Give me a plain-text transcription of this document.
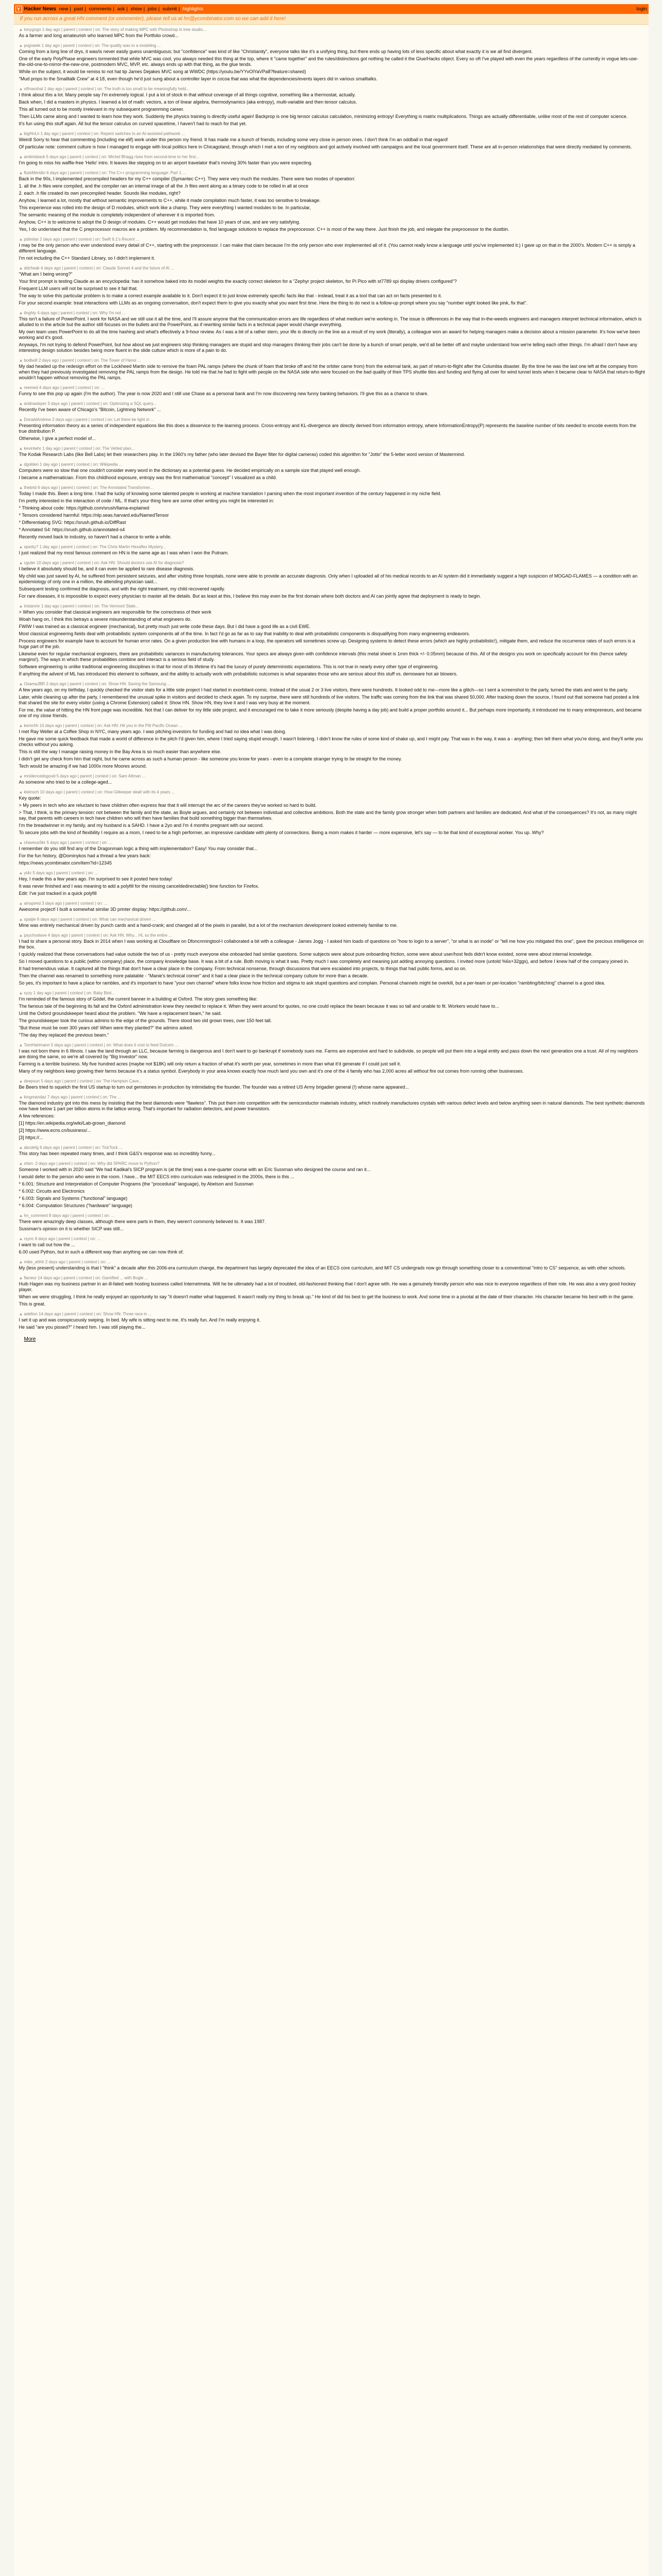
Y Hacker News new | past | comments | ask | show | jobs | submit | highlights	login
If you run across a great HN comment (or commenter), please tell us at hn@ycombinator.com so we can add it here!
▲ tonygogo 1 day ago | parent | context | on: The story of making MPC with Photoshop in tree studio...

As a farmer and long amateurish who learned MPC from the Portfolio crowd...

▲ pvgrawle 1 day ago | parent | context | on: The quality was to a modeling ...

Coming from a long line of drys, it was/is never easily guess unambiguous; but "confidence" was kind of like "Christianity", everyone talks like it's a unifying thing, but there ends up having lots of less specific about what exactly it is we all find divergent.

One of the early PolyPhase engineers tormented that while MVC was cool, you always needed this thing at the top, where it "came together" and the rules/distinctions got nothing he called it the Glue/Hacks object. Every so oft I've played with even the years regardless of the currently in vogue lets-use-the-old-one-to-mirror-the-new-one, postmodern MVC, MVP, etc. always ends up with that thing, as the glue tends.

While on the subject, it would be remiss to not hat tip James Dejakes MVC song at WWDC (https://youtu.be/YYvOlYaVPa8?feature=shared)

"Mud props to the Smalltalk Crew" at 4:18, even though he'd just sung about a controller layer in cocoa that was what the dependencies/events layers did in various smalltalks.

▲ vtfmarshal 1 day ago | parent | context | on: The truth is too small to be meaningfully held...

I think about this a lot. Many people say I'm extremely logical. I put a lot of stock in that without coverage of all things cognitive, something like a thermostat, actually.

Back when, I did a masters in physics. I learned a lot of math: vectors, a ton of linear algebra, thermodynamics (aka entropy), multi-variable and then tensor calculus.

This all turned out to be mostly irrelevant in my subsequent programming career.

Then LLMs came along and I wanted to learn how they work. Suddenly the physics training is directly useful again! Backprop is one big tensor calculus calculation, minimizing entropy! Everything is matrix multiplications. Things are actually differentiable, unlike most of the rest of computer science.

It's fun using this stuff again. All but the tensor calculus on curved spacetime, I haven't had to reach for that yet.

▲ bigHnLn 1 day ago | parent | context | on: Repent switches to an AI-assisted pathwork ...

Weirdl Sorry to hear that commenting (including me elif) work under this person my friend. It has made me a bunch of friends, including some very close in person ones. I don't think I'm an oddball in that regard!

Of particular note: comment culture is how I managed to engage with local politics here in Chicagoland, through which I met a ton of my neighbors and got actively involved with campaigns and the local government itself. These are all in-person relationships that were directly mediated by comments.

▲ ambrisback 5 days ago | parent | context | on: Michel Bhagg rises from second-time to her first...

I'm going to miss his waffle-free 'Hello' intro. It leaves like stepping on to an airport travelator that's moving 30% faster than you were expecting.

▲ fluteMeridio 6 days ago | parent | context | on: The C++ programming language: Part 1 ...

Back in the 90s, I implemented precompiled headers for my C++ compiler (Symantec C++). They were very much the modules. There were two modes of operation:

1. all the .h files were compiled, and the compiler ran an internal image of all the .h files went along as a binary code to be rolled in all at once

2. each .h file created its own precompiled header. Sounds like modules, right?

Anyhow, I learned a lot, mostly that without semantic improvements to C++, while it made compilation much faster, it was too sensitive to breakage.

This experience was rolled into the design of D modules, which work like a champ. They were everything I wanted modules to be. In particular,

The semantic meaning of the module is completely independent of wherever it is imported from.

Anyhow, C++ is to welcome to adopt the D design of modules. C++ would get modules that have 10 years of use, and are very satisfying.

Yes, I do understand that the C preprocessor macros are a problem. My recommendation is, find language solutions to replace the preprocessor. C++ is most of the way there. Just finish the job, and relegate the preprocessor to the dustbin.

▲ pdimitar 2 days ago | parent | context | on: Swift 6.1's Recent ...

I may be the only person who ever understood every detail of C++, starting with the preprocessor. I can make that claim because I'm the only person who ever implemented all of it. (You cannot really know a language until you've implemented it.) I gave up on that in the 2000's. Modern C++ is simply a different language.

I'm not including the C++ Standard Library, so I didn't implement it.

▲ ddcheak 4 days ago | parent | context | on: Claude Sonnet 4 and the future of AI ...

"What am I being wrong?"

Your first prompt is testing Claude as an encyclopedia: has it somehow baked into its model weights the exactly correct skeleton for a "Zephyr project skeleton, for Pi Pico with st7789 spi display drivers configured"?

Frequent LLM users will not be surprised to see it fail that.

The way to solve this particular problem is to make a correct example available to it. Don't expect it to just know extremely specific facts like that - instead, treat it as a tool that can act on facts presented to it.

For your second example: treat interactions with LLMs as an ongoing conversation, don't expect them to give you exactly what you want first time. Here the thing to do next is a follow-up prompt where you say "number eight looked like pink, fix that".

▲ tinghty 4 days ago | parent | context | on: Why I'm not ...

This isn't a failure of PowerPoint. I work for NASA and we still use it all the time, and I'll assure anyone that the communication errors are life regardless of what medium we're working in. The issue is differences in the way that in-the-weeds engineers and managers interpret technical information, which is alluded to in the article but the author still focuses on the bullets and the PowerPoint, as if rewriting similar facts in a technical paper would change everything.

My own team uses PowerPoint to do all the time hashing and what's effectively a 9-hour review. As I was a bit of a rather stern, your life is directly on the line as a result of my work (literally), a colleague won an award for helping managers make a decision about a mission parameter. It's how we've been working and it's good.

Anyways, I'm not trying to defend PowerPoint, but how about we just engineers stop thinking managers are stupid and stop managers thinking their jobs can't be done by a bunch of smart people, we'd all be better off and maybe understand how we're telling each other things. I'm afraid I don't have any interesting design solution besides being more fluent in the slide culture which is more of a pain to do.

▲ bodlwill 2 days ago | parent | context | on: The Tower of Hanoi ...

My dad headed up the redesign effort on the Lockheed Martin side to remove the foam PAL ramps (where the chunk of foam that broke off and hit the orbiter came from) from the external tank, as part of return-to-flight after the Columbia disaster. By the time he was the last one left at the company from when they had previously investigated removing the PAL ramps from the design. He told me that he had to fight with people on the NASA side who were focused on the bad quality of their TPS shuttle tiles and funding and flying all over for wind tunnel tests when it became clear to NASA that return-to-flight wouldn't happen without removing the PAL ramps.

▲ reemed 4 days ago | parent | context | on: ...

Funny to see this pop up again (I'm the author). The year is now 2020 and I still use Chase as a personal bank and I'm now discovering new funny banking behaviors. I'll give this as a chance to share.

▲ aridnaslayer 3 days ago | parent | context | on: Optimizing a SQL query...

Recently I've been aware of Chicago's "Bitcoin, Lightning Network" ...

▲ DonaldAndrew 2 days ago | parent | context | on: Let there be light in ...

Presenting information theory as a series of independent equations like this does a disservice to the learning process. Cross-entropy and KL-divergence are directly derived from information entropy, where InformationEntropy(P) represents the baseline number of bits needed to encode events from the true distribution P.

Otherwise, I give a perfect model of...

▲ kevinlwhr 1 day ago | parent | context | on: The Vetted plan...

The Kodak Research Labs (like Bell Labs) let their researchers play. In the 1960's my father (who later devised the Bayer filter for digital cameras) coded this algorithm for "Jotto" the 5-letter word version of Mastermind.

▲ dgolden 1 day ago | parent | context | on: Wikipedia ...

Computers were so slow that one couldn't consider every word in the dictionary as a potential guess. He decided empirically on a sample size that played well enough.

I became a mathematician. From this childhood exposure, entropy was the first mathematical "concept" I visualized as a child.

▲ thebrid 6 days ago | parent | context | on: The Annotated Transformer...

Today I made this. Been a long time. I had the lucky of knowing some talented people in working at machine translation I parsing when the most important invention of the century happened in my niche field.

I'm pretty interested in the interaction of code / ML. If that's your thing here are some other writing you might be interested in:

* Thinking about code: https://github.com/srush/llama-explained

* Tensors considered harmful: https://nlp.seas.harvard.edu/NamedTensor

* Differentiating SVG: https://srush.github.io/DiffRast

* Annotated S4: https://srush.github.io/annotated-s4

Recently moved back to industry, so haven't had a chance to write a while.

▲ sparky7 1 day ago | parent | context | on: The Chris Martin Hexaflex Mystery...

I just realized that my most famous comment on HN is the same age as I was when I won the Putnam.

▲ cguter 10 days ago | parent | context | on: Ask HN: Should doctors use AI for diagnosis?

I believe it absolutely should be, and it can even be applied to rare disease diagnosis.

My child was just saved by AI, he suffered from persistent seizures, and after visiting three hospitals, none were able to provide an accurate diagnosis. Only when I uploaded all of his medical records to an AI system did it immediately suggest a high suspicion of MOGAD-FLAMES — a condition with an epidemiology of only one in a million, the attending physician said...

Subsequent testing confirmed the diagnosis, and with the right treatment, my child recovered rapidly.

For rare diseases, it is impossible to expect every physician to master all the details. But as least at this, I believe this may even be the first domain where both doctors and AI can jointly agree that deployment is ready to begin.

▲ tristanmr 1 day ago | parent | context | on: The Vermont State...

> When you consider that classical engineers are responsible for the correctness of their work

Woah hang on, I think this betrays a severe misunderstanding of what engineers do.

FWIW I was trained as a classical engineer (mechanical), but pretty much just write code these days. But I did have a good life as a civil EWE.

Most classical engineering fields deal with probabilistic system components all of the time. In fact I'd go as far as to say that inability to deal with probabilistic components is disqualifying from many engineering endeavors.

Process engineers for example have to account for human error rates. On a given production line with humans in a loop, the operators will sometimes screw up. Designing systems to detect these errors (which are highly probabilistic!), mitigate them, and reduce the occurrence rates of such errors is a huge part of the job.

Likewise even for regular mechanical engineers, there are probabilistic variances in manufacturing tolerances. Your specs are always given with confidence intervals (this metal sheet is 1mm thick +/- 0.05mm) because of this. All of the designs you work on specifically account for this (hence safety margins!). The ways in which these probabilities combine and interact is a serious field of study.

Software engineering is unlike traditional engineering disciplines in that for most of its lifetime it's had the luxury of purely deterministic expectations. This is not true in nearly every other type of engineering.

If anything the advent of ML has introduced this element to software, and the ability to actually work with probabilistic outcomes is what separates those who are serious about this stuff vs. demoware hot air blowers.

▲ OsamaJBR 2 days ago | parent | context | on: Show HN: Saving the Samsung ...

A few years ago, on my birthday, I quickly checked the visitor stats for a little side project I had started in exorbitant-comic. Instead of the usual 2 or 3 live visitors, there were hundreds. It looked odd to me—more like a glitch—so I sent a screenshot to the party, turned the stats and went to the party.

Later, while cleaning up after the party, I remembered the unusual spike in visitors and decided to check again. To my surprise, there were still hundreds of live visitors. The traffic was coming from the link that was shared 50,000. After tracking down the source, I found out that someone had posted a link that shared the site for every visitor (using a Chrome Extension) called it: Show HN. Show HN, they love it and I was very busy at the moment.

For me, the value of hitting the HN front page was incredible. Not that I can deliver for my little side project, and it encouraged me to take it more seriously (despite having a day job) and build a proper portfolio around it... But perhaps more importantly, it introduced me to many entrepreneurs, and became one of my close friends.

▲ kemchh 10 days ago | parent | context | on: Ask HN: Hit you in the Pitt Pacific Ocean ...

I met Ray Weller at a Coffee Shop in NYC, many years ago. I was pitching investors for funding and had no idea what I was doing.

He gave me some quick feedback that made a world of difference in the pitch I'd given him, where I tried saying stupid enough. I wasn't listening. I didn't know the rules of some kind of shake up, and I might pay. That was in the way, it was a - anything; then tell them what you're doing, and they'll write you checks without you asking.

This is still the way I manage raising money in the Bay Area is so much easier than anywhere else.

I didn't get any check from him that night, but he came across as such a human person - like someone you know for years - even to a complete stranger trying to be straight for the money.

Tech would be amazing if we had 1000x more Moores around.

▲ mrsilencedogood 5 days ago | parent | context | on: Sam Altman ...

As someone who tried to be a college-aged...

▲ kleinsch 10 days ago | parent | context | on: How Gitkeeper dealt with its 4 years ...

Key quote:

> My peers in tech who are reluctant to have children often express fear that it will interrupt the arc of the careers they've worked so hard to build.

> That, I think, is the primary tension: not between the family and the state, as Boyle argues, and certainly not between individual and collective ambitions. Both the state and the family grow stronger when both partners and families are dedicated. And what of the consequences? It's not, as many might say, that parents with careers in tech have children who will then have families that build something bigger than themselves.

I'm the breadwinner in my family, and my husband is a SAHD. I have a 2yo and I'm 4 months pregnant with our second.

To secure jobs with the kind of flexibility I require as a mom, I need to be a high performer, an impressive candidate with plenty of connections. Being a mom makes it harder — more expensive, let's say — to be that kind of exceptional worker. You up. Why?

▲ chaveusSkr 5 days ago | parent | context | on: ...

I remember do you still find any of the Dragonmain logic a thing with implementation? Easy! You may consider that...

For the fun history, @Dominykos had a thread a few years back:

https://news.ycombinator.com/item?id=12345

▲ yt4c 5 days ago | parent | context | on: ...

Hey, I made this a few years ago. I'm surprised to see it posted here today!

It was never finished and I was meaning to add a polyfill for the missing canceldedirectable() time function for Firefox.

Edit: I've just tracked in a quick polyfill

▲ ainspired 3 days ago | parent | context | on: ...

Awesome project! I built a somewhat similar 3D printer display: https://github.com/...

▲ spatjie 6 days ago | parent | context | on: What can mechanical driven ...

Mine was entirely mechanical driven by punch cards and a hand-crank; and changed all of the pixels in parallel, but a lot of the mechanism development looked extremely familiar to me.

▲ psychoslave 4 days ago | parent | context | on: Ask HN: Why... Hi, so the entire ...

I had to share a personal story. Back in 2014 when I was working at Cloudflare on Dfoncnmingtool-I collaborated a bit with a colleague - James Jogg - I asked him loads of questions on "how to login to a server", "or what is an inode" or "tell me how you mitigated this one", gave the precious intelligence on the box.

I quickly realized that these conversations had value outside the two of us - pretty much everyone else onboarded had similar questions. Some subjects were about pure onboarding friction, some were about user/host feds didn't know existed, some were about internal knowledge.

So I moved questions to a public (within company) place, the company knowledge base. It was a bit of a rule. Both moving is what it was. Pretty much I was completely and meaning just adding annoying questions. I invited more (untold %6s+32ggs), and before I knew half of the company joined in.

It had tremendous value. It captured all the things that don't have a clear place in the company. From technical nonsense, through discussions that were escalated into projects, to things that had public forms, and so on.

Then the channel was renamed to something more palatable - "Manie's technical corner" and it had a clear place in the technical company culture for more than a decade.

So yes, it's important to have a place for rambles, and it's important to have "your own channel" where folks know how friction and stigma to ask stupid questions and complain. Personal channels might be overkill, but a per-team or per-location "rambling/bitching" channel is a good idea.

▲ xyzy 1 day ago | parent | context | on: Baby Bird...

I'm reminded of the famous story of Gödel, the current banner in a building at Oxford. The story goes something like:

The famous tale of the beginning its fall and the Oxford administration knew they needed to replace it. When they went around for quotes, no one could replace the beam because it was so tall and unable to fit. Workers would have to...

Until the Oxford groundskeeper heard about the problem. "We have a replacement beam," he said.

The groundskeeper took the curious admins to the edge of the grounds. There stood two old grown trees, over 150 feet tall.

"But those must be over 300 years old! When were they planted?" the admins asked.

"The day they replaced the previous beam."

▲ TomHartmann 5 days ago | parent | context | on: What does it cost to feed Dulcem ...

I was not born there in 6 Illinois. I saw the land through an LLC, because farming is dangerous and I don't want to go bankrupt if somebody sues me. Farms are expensive and hard to subdivide, so people will put them into a legal entity and pass down the next generation one a trust. All of my neighbors are doing the same, so we're all covered by "Big Investor" now.

Farming is a terrible business. My five hundred acres (maybe not $18K) will only return a fraction of what it's worth per year, sometimes in more than what it'd generate if I could just sell it.

Many of my neighbors keep growing their farms because it's a status symbol. Everybody in your area knows exactly how much land you own and it's one of the 4 family who has 2,000 acres all without fire out comes from running other businesses.

▲ deepsun 5 days ago | parent | context | on: The Hampton Cave...

Be Beers tried to squelch the first US startup to turn out gemstones in production by intimidating the founder. The founder was a retired US Army brigadier general (!) whose name appeared...

▲ kingmandaz 7 days ago | parent | context | on: The ...

The diamond industry got into this mess by insisting that the best diamonds were "flawless". This put them into competition with the semiconductor materials industry, which routinely manufactures crystals with various defect levels and below anything seen in natural diamonds. The best synthetic diamonds now have below 1 part per billion atoms in the lattice wrong. That's important for radiation detectors, and power transistors.

A few references:

[1] https://en.wikipedia.org/wiki/Lab-grown_diamond

[2] https://www.ecns.cn/business/...

[3] https://...

▲ abcdefg 6 days ago | parent | context | on: TickTock ...

This story has been repeated many times, and I think G&S's response was so incredibly funny...

▲ shim- 2 days ago | parent | context | on: Why did SPARC move to Python?

Someone I worked with in 2020 said "We had Kadikal's SICP program is (at the time) was a one-quarter course with an Eric Sussman who designed the course and ran it...

I would defer to the person who were in the room. I have... the MIT EECS intro curriculum was redesigned in the 2000s, there is this ...

* 6.001: Structure and Interpretation of Computer Programs (the "procedural" language), by Abelson and Sussman

* 6.002: Circuits and Electronics

* 6.003: Signals and Systems ("functional" language)

* 6.004: Computation Structures ("hardware" language)

▲ hn_comment 8 days ago | parent | context | on: ...

There were amazingly deep classes, although there were parts in them, they weren't commonly believed to. It was 1987.

Sussman's opinion on it is whether SICP was still...

▲ rsync 6 days ago | parent | context | on: ...

I want to call out how the ...

6.00 used Python, but in such a different way than anything we can now think of.

▲ mike_ahhh 2 days ago | parent | context | on: ...

My (less present) understanding is that I "think" a decade after this 2006-era curriculum change, the department has largely deprecated the idea of an EECS core curriculum, and MIT CS undergrads now go through something closer to a conventional "intro to CS" sequence, as with other schools.

▲ flaneur 14 days ago | parent | context | on: Gamified ... with Bogle ...

Huib Hagen was my business partner in an ill-fated web hosting business called Internetmeta. Will he be ultimately had a lot of troubled, old-fashioned thinking that I don't agree with. He was a genuinely friendly person who was nice to everyone regardless of their role. He was also a very good hockey player.

When we were struggling, I think he really enjoyed an opportunity to say "it doesn't matter what happened. It wasn't really my thing to break up." He kind of did his best to get the business to work. And some time in a pivotal at the date of their character. His character became his best with in the game.

This is great.

▲ adelton 14 days ago | parent | context | on: Show HN: Three race in ...

I set it up and was conspicuously swiping. In bed. My wife is sitting next to me. It's really fun. And I'm really enjoying it.

He said "are you pissed?" I heard him. I was still playing the...

More
